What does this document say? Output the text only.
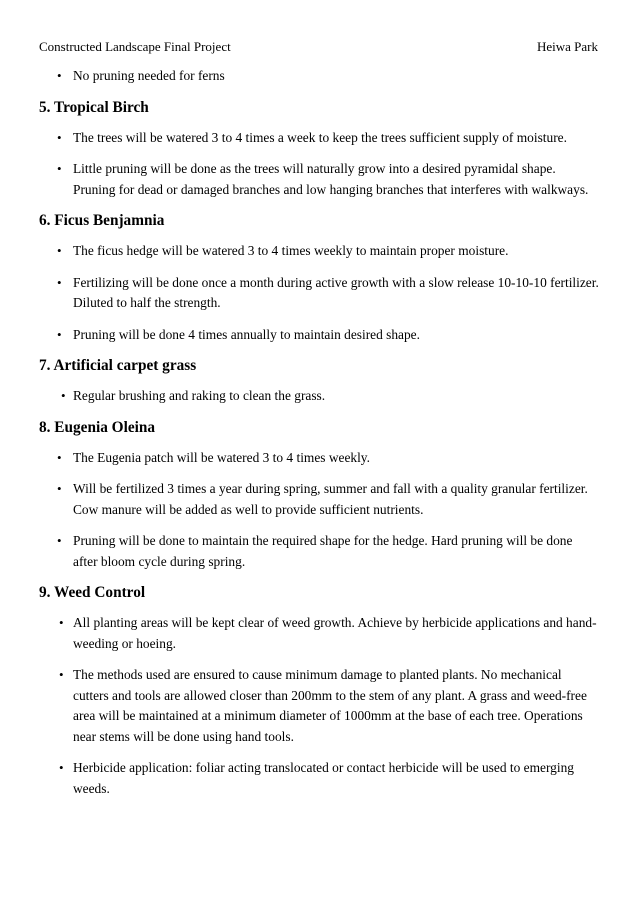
Constructed Landscape Final Project	Heiwa Park
• No pruning needed for ferns
5. Tropical Birch
• The trees will be watered 3 to 4 times a week to keep the trees sufficient supply of moisture.
• Little pruning will be done as the trees will naturally grow into a desired pyramidal shape. Pruning for dead or damaged branches and low hanging branches that interferes with walkways.
6. Ficus Benjamnia
• The ficus hedge will be watered 3 to 4 times weekly to maintain proper moisture.
• Fertilizing will be done once a month during active growth with a slow release 10-10-10 fertilizer. Diluted to half the strength.
• Pruning will be done 4 times annually to maintain desired shape.
7. Artificial carpet grass
• Regular brushing and raking to clean the grass.
8. Eugenia Oleina
• The Eugenia patch will be watered 3 to 4 times weekly.
• Will be fertilized 3 times a year during spring, summer and fall with a quality granular fertilizer. Cow manure will be added as well to provide sufficient nutrients.
• Pruning will be done to maintain the required shape for the hedge. Hard pruning will be done after bloom cycle during spring.
9. Weed Control
• All planting areas will be kept clear of weed growth. Achieve by herbicide applications and hand-weeding or hoeing.
• The methods used are ensured to cause minimum damage to planted plants. No mechanical cutters and tools are allowed closer than 200mm to the stem of any plant. A grass and weed-free area will be maintained at a minimum diameter of 1000mm at the base of each tree. Operations near stems will be done using hand tools.
• Herbicide application: foliar acting translocated or contact herbicide will be used to emerging weeds.
